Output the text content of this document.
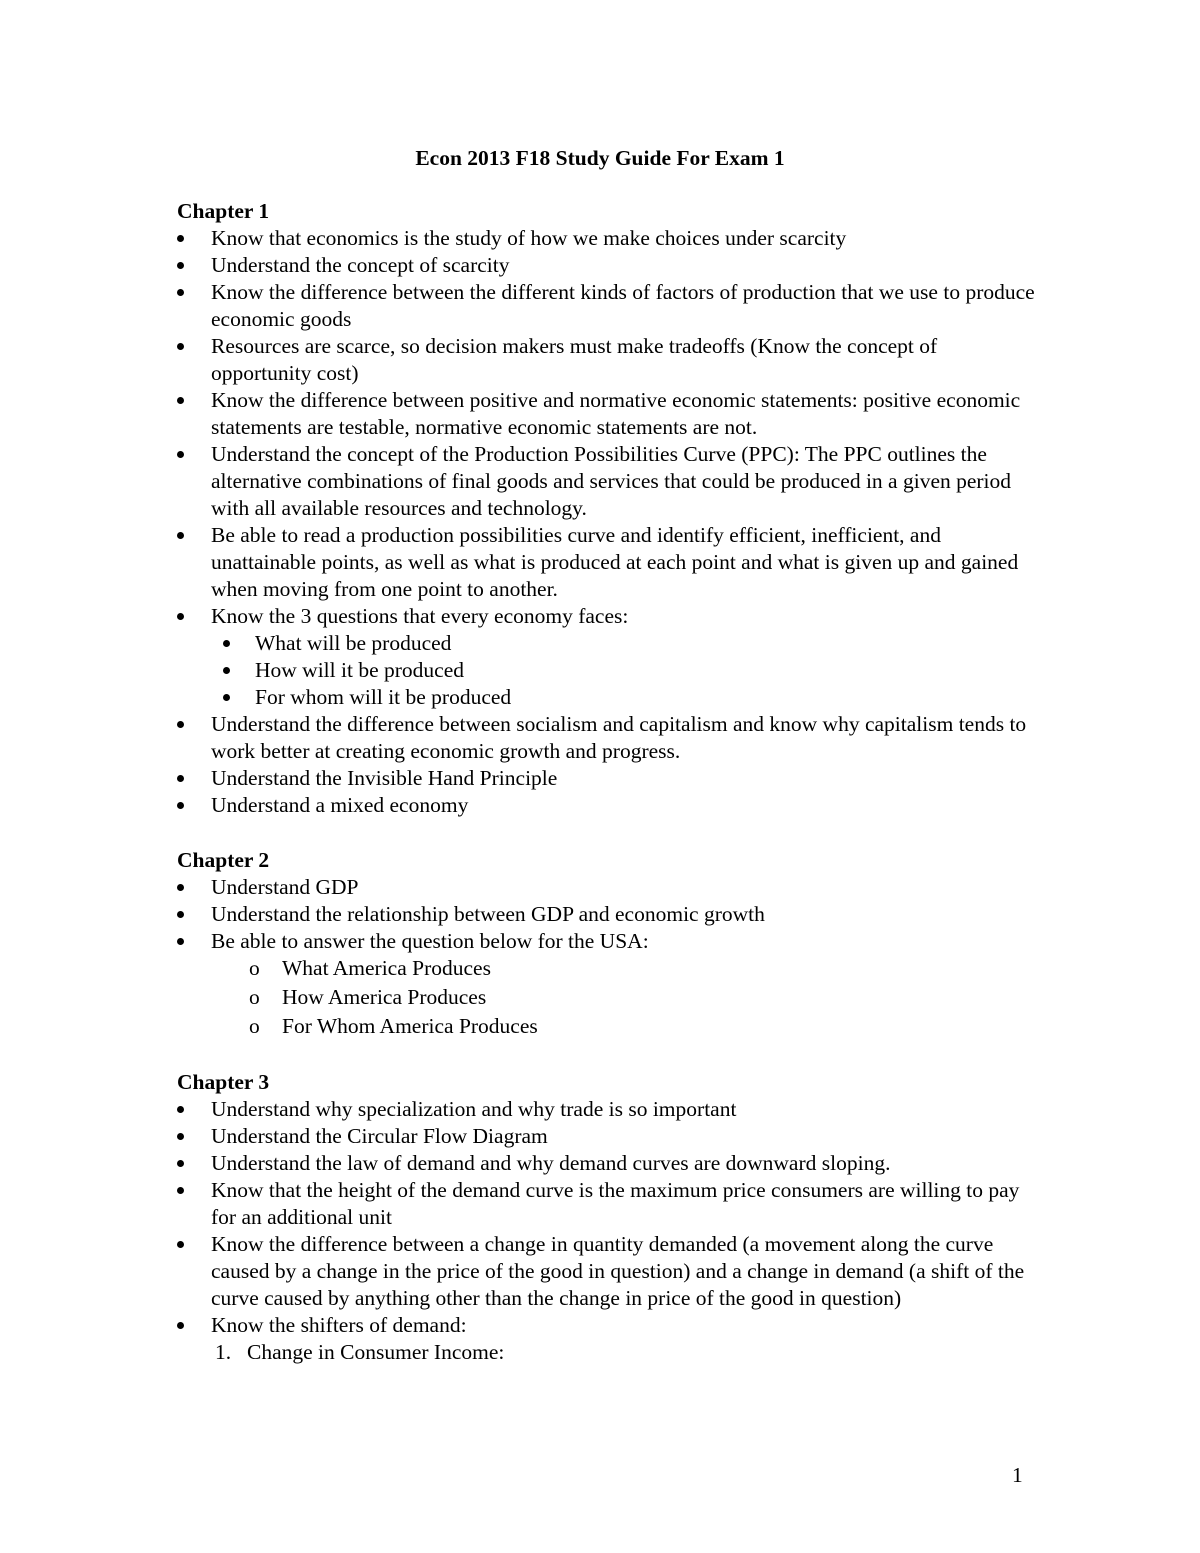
Econ 2013 F18 Study Guide For Exam 1
Chapter 1
Know that economics is the study of how we make choices under scarcity
Understand the concept of scarcity
Know the difference between the different kinds of factors of production that we use to produce economic goods
Resources are scarce, so decision makers must make tradeoffs (Know the concept of opportunity cost)
Know the difference between positive and normative economic statements: positive economic statements are testable, normative economic statements are not.
Understand the concept of the Production Possibilities Curve (PPC): The PPC outlines the alternative combinations of final goods and services that could be produced in a given period with all available resources and technology.
Be able to read a production possibilities curve and identify efficient, inefficient, and unattainable points, as well as what is produced at each point and what is given up and gained when moving from one point to another.
Know the 3 questions that every economy faces:
What will be produced
How will it be produced
For whom will it be produced
Understand the difference between socialism and capitalism and know why capitalism tends to work better at creating economic growth and progress.
Understand the Invisible Hand Principle
Understand a mixed economy
Chapter 2
Understand GDP
Understand the relationship between GDP and economic growth
Be able to answer the question below for the USA:
o What America Produces
o How America Produces
o For Whom America Produces
Chapter 3
Understand why specialization and why trade is so important
Understand the Circular Flow Diagram
Understand the law of demand and why demand curves are downward sloping.
Know that the height of the demand curve is the maximum price consumers are willing to pay for an additional unit
Know the difference between a change in quantity demanded (a movement along the curve caused by a change in the price of the good in question) and a change in demand (a shift of the curve caused by anything other than the change in price of the good in question)
Know the shifters of demand:
1. Change in Consumer Income:
1
